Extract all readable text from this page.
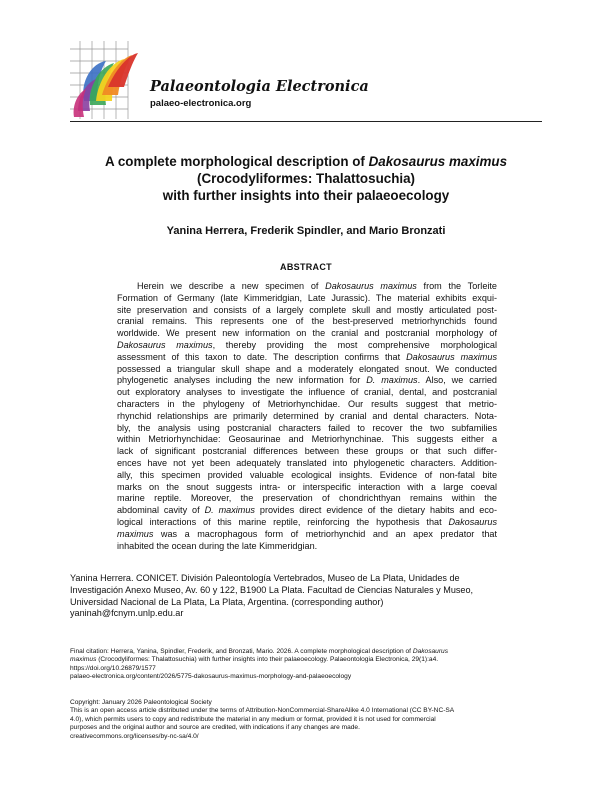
Palaeontologia Electronica
palaeo-electronica.org
A complete morphological description of Dakosaurus maximus
(Crocodyliformes: Thalattosuchia)
with further insights into their palaeoecology
Yanina Herrera, Frederik Spindler, and Mario Bronzati
ABSTRACT
Herein we describe a new specimen of Dakosaurus maximus from the Torleite
Formation of Germany (late Kimmeridgian, Late Jurassic). The material exhibits exqui-
site preservation and consists of a largely complete skull and mostly articulated post-
cranial remains. This represents one of the best-preserved metriorhynchids found
worldwide. We present new information on the cranial and postcranial morphology of
Dakosaurus maximus, thereby providing the most comprehensive morphological
assessment of this taxon to date. The description confirms that Dakosaurus maximus
possessed a triangular skull shape and a moderately elongated snout. We conducted
phylogenetic analyses including the new information for D. maximus. Also, we carried
out exploratory analyses to investigate the influence of cranial, dental, and postcranial
characters in the phylogeny of Metriorhynchidae. Our results suggest that metrio-
rhynchid relationships are primarily determined by cranial and dental characters. Nota-
bly, the analysis using postcranial characters failed to recover the two subfamilies
within Metriorhynchidae: Geosaurinae and Metriorhynchinae. This suggests either a
lack of significant postcranial differences between these groups or that such differ-
ences have not yet been adequately translated into phylogenetic characters. Addition-
ally, this specimen provided valuable ecological insights. Evidence of non-fatal bite
marks on the snout suggests intra- or interspecific interaction with a large coeval
marine reptile. Moreover, the preservation of chondrichthyan remains within the
abdominal cavity of D. maximus provides direct evidence of the dietary habits and eco-
logical interactions of this marine reptile, reinforcing the hypothesis that Dakosaurus
maximus was a macrophagous form of metriorhynchid and an apex predator that
inhabited the ocean during the late Kimmeridgian.
Yanina Herrera. CONICET. División Paleontología Vertebrados, Museo de La Plata, Unidades de
Investigación Anexo Museo, Av. 60 y 122, B1900 La Plata. Facultad de Ciencias Naturales y Museo,
Universidad Nacional de La Plata, La Plata, Argentina. (corresponding author)
yaninah@fcnym.unlp.edu.ar
Final citation: Herrera, Yanina, Spindler, Frederik, and Bronzati, Mario. 2026. A complete morphological description of Dakosaurus
maximus (Crocodyliformes: Thalattosuchia) with further insights into their palaeoecology. Palaeontologia Electronica, 29(1):a4.
https://doi.org/10.26879/1577
palaeo-electronica.org/content/2026/5775-dakosaurus-maximus-morphology-and-palaeoecology
Copyright: January 2026 Paleontological Society
This is an open access article distributed under the terms of Attribution-NonCommercial-ShareAlike 4.0 International (CC BY-NC-SA
4.0), which permits users to copy and redistribute the material in any medium or format, provided it is not used for commercial
purposes and the original author and source are credited, with indications if any changes are made.
creativecommons.org/licenses/by-nc-sa/4.0/
